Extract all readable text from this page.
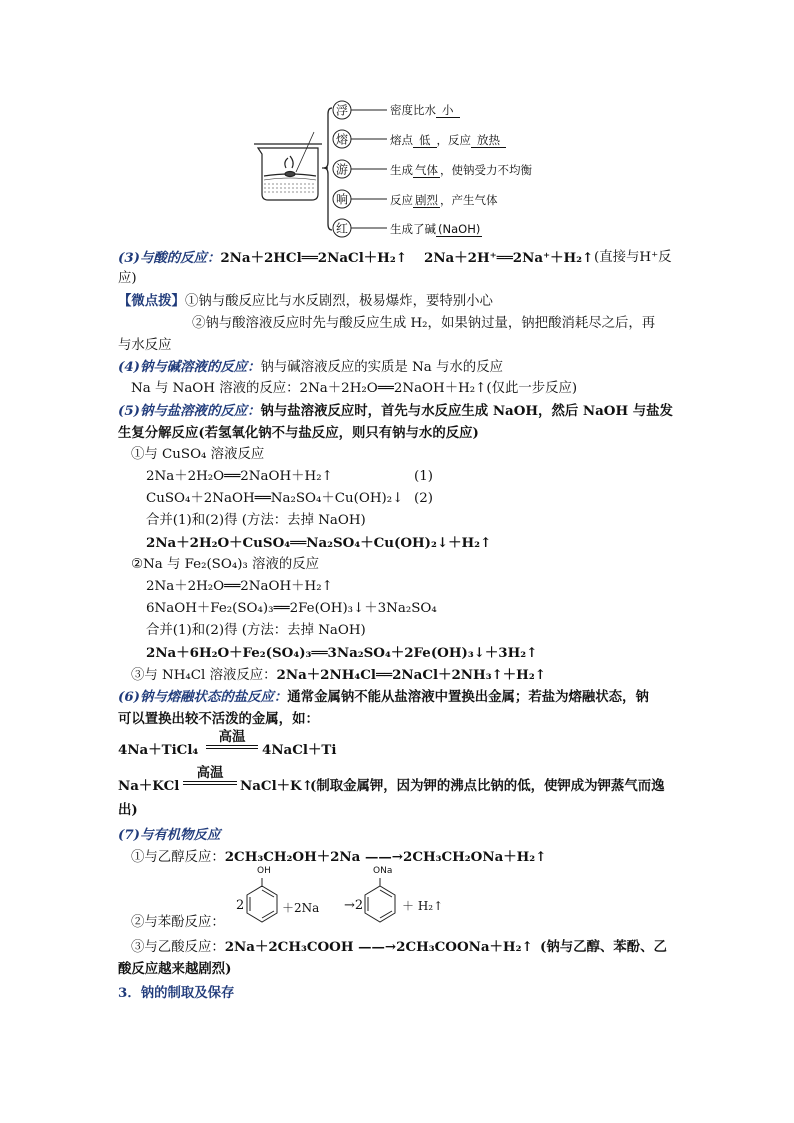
浮
熔
游
响
红
密度比水 小
熔点 低 ，反应 放热
生成 气体 ，使钠受力不均衡
反应 剧烈 ，产生气体
生成了碱 (NaOH)
(3)与酸的反应：2Na＋2HCl══2NaCl＋H₂↑ 2Na＋2H⁺══2Na⁺＋H₂↑ (直接与H⁺反
应)
【微点拨】①钠与酸反应比与水反剧烈，极易爆炸，要特别小心
②钠与酸溶液反应时先与酸反应生成 H₂，如果钠过量，钠把酸消耗尽之后，再
与水反应
(4)钠与碱溶液的反应：钠与碱溶液反应的实质是 Na 与水的反应
Na 与 NaOH 溶液的反应：2Na＋2H₂O══2NaOH＋H₂↑(仅此一步反应)
(5)钠与盐溶液的反应：钠与盐溶液反应时，首先与水反应生成 NaOH，然后 NaOH 与盐发
生复分解反应(若氢氧化钠不与盐反应，则只有钠与水的反应)
①与 CuSO₄ 溶液反应
2Na＋2H₂O══2NaOH＋H₂↑	(1)
CuSO₄＋2NaOH══Na₂SO₄＋Cu(OH)₂↓ (2)
合并(1)和(2)得 (方法：去掉 NaOH)
2Na＋2H₂O＋CuSO₄══Na₂SO₄＋Cu(OH)₂↓＋H₂↑
②Na 与 Fe₂(SO₄)₃ 溶液的反应
2Na＋2H₂O══2NaOH＋H₂↑
6NaOH＋Fe₂(SO₄)₃══2Fe(OH)₃↓＋3Na₂SO₄
合并(1)和(2)得 (方法：去掉 NaOH)
2Na＋6H₂O＋Fe₂(SO₄)₃══3Na₂SO₄＋2Fe(OH)₃↓＋3H₂↑
③与 NH₄Cl 溶液反应：2Na＋2NH₄Cl══2NaCl＋2NH₃↑＋H₂↑
(6)钠与熔融状态的盐反应：通常金属钠不能从盐溶液中置换出金属；若盐为熔融状态，钠
可以置换出较不活泼的金属，如：
4Na＋TiCl₄
高温
4NaCl＋Ti
Na＋KCl
高温
NaCl＋K↑
(制取金属钾，因为钾的沸点比钠的低，使钾成为钾蒸气而逸
出)
(7)与有机物反应
①与乙醇反应：2CH₃CH₂OH＋2Na ——→2CH₃CH₂ONa＋H₂↑
OH	ONa
2	＋2Na →2	＋ H₂↑
②与苯酚反应：
③与乙酸反应：2Na＋2CH₃COOH ——→2CH₃COONa＋H₂↑ (钠与乙醇、苯酚、乙
酸反应越来越剧烈)
3．钠的制取及保存
